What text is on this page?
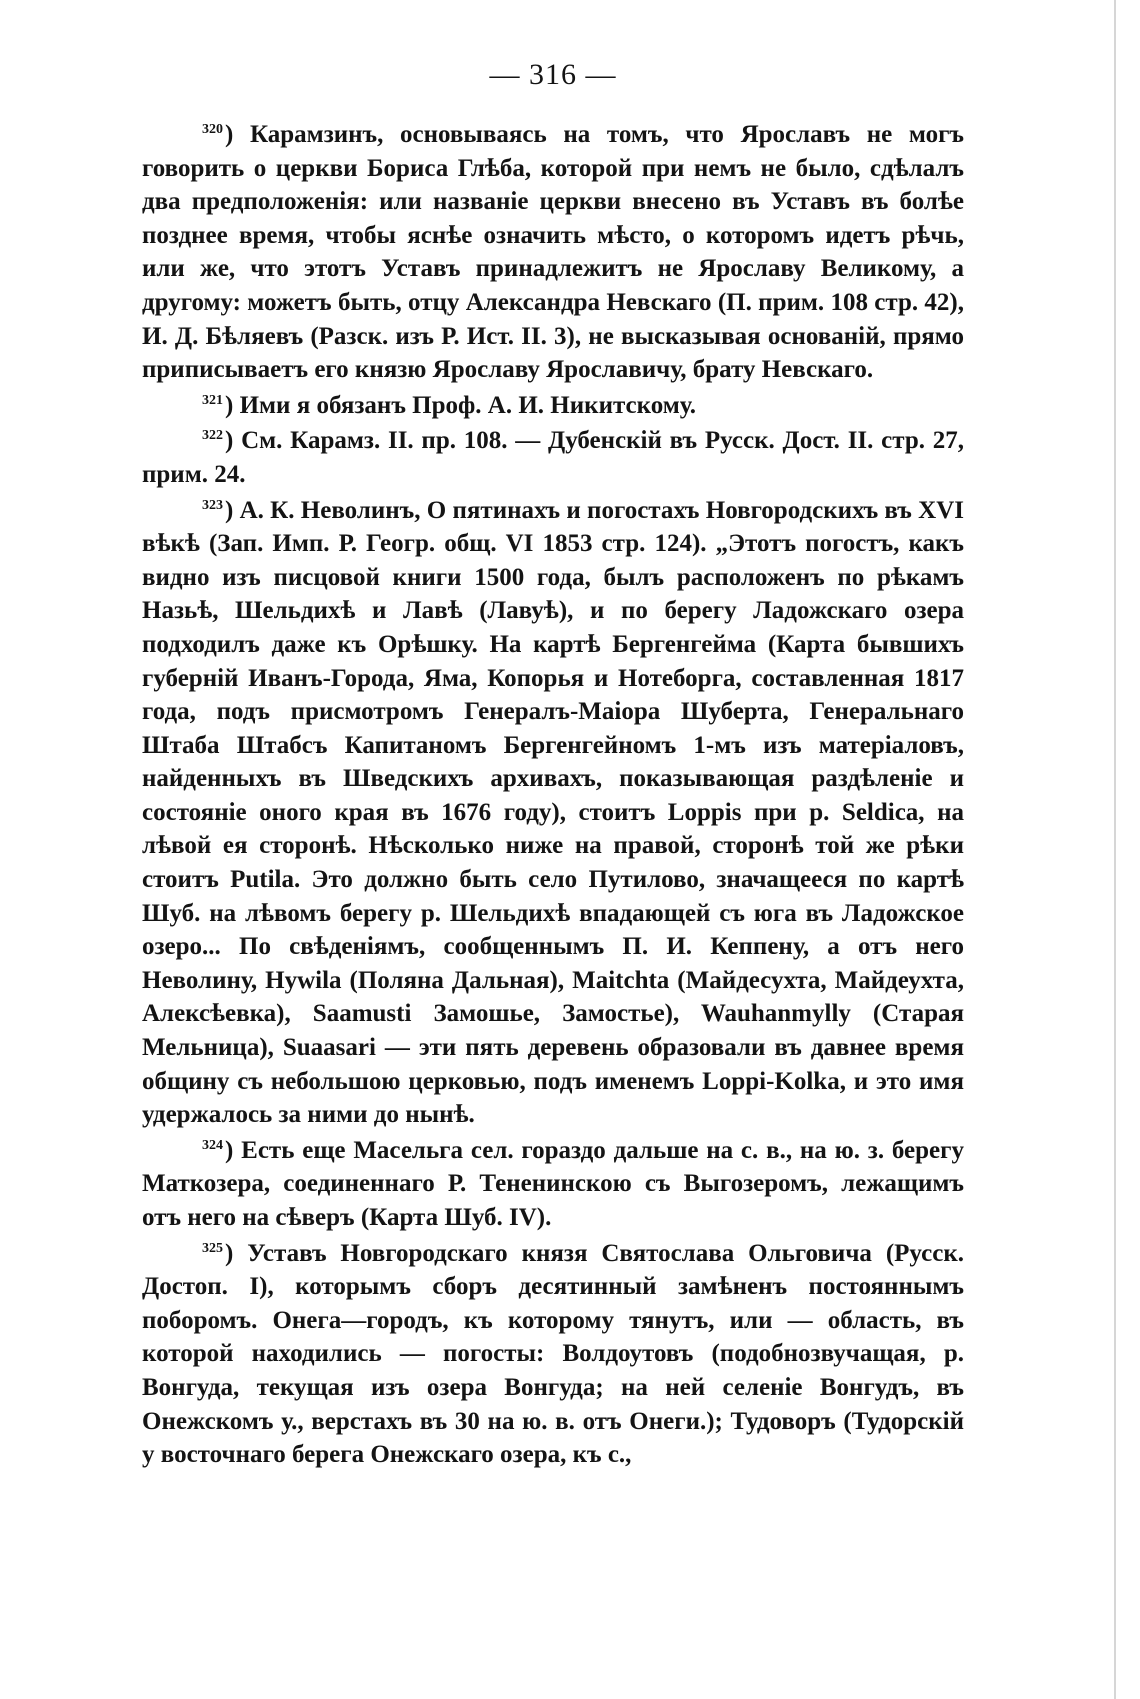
— 316 —

$^{320}$) Карамзинъ, основываясь на томъ, что Ярославъ не могъ говорить о церкви Бориса Глѣба, которой при немъ не было, сдѣлалъ два предположенія: или названіе церкви внесено въ Уставъ въ болѣе позднее время, чтобы яснѣе означить мѣсто, о которомъ идетъ рѣчь, или же, что этотъ Уставъ принадлежитъ не Ярославу Великому, а другому: можетъ быть, отцу Александра Невскаго (П. прим. 108 стр. 42), И. Д. Бѣляевъ (Разск. изъ Р. Ист. II. 3), не высказывая основаній, прямо приписываетъ его князю Ярославу Ярославичу, брату Невскаго.

$^{321}$) Ими я обязанъ Проф. А. И. Никитскому.

$^{322}$) См. Карамз. II. пр. 108. — Дубенскій въ Русск. Дост. II. стр. 27, прим. 24.

$^{323}$) А. К. Неволинъ, О пятинахъ и погостахъ Новгородскихъ въ XVI вѣкѣ (Зап. Имп. Р. Геогр. общ. VI 1853 стр. 124). „Этотъ погостъ, какъ видно изъ писцовой книги 1500 года, былъ расположенъ по рѣкамъ Назьѣ, Шельдихѣ и Лавѣ (Лавуѣ), и по берегу Ладожскаго озера подходилъ даже къ Орѣшку. На картѣ Бергенгейма (Карта бывшихъ губерній Иванъ-Города, Яма, Копорья и Нотеборга, составленная 1817 года, подъ присмотромъ Генералъ-Маіора Шуберта, Генеральнаго Штаба Штабсъ Капитаномъ Бергенгейномъ 1-мъ изъ матеріаловъ, найденныхъ въ Шведскихъ архивахъ, показывающая раздѣленіе и состояніе оного края въ 1676 году), стоитъ Loppis при р. Seldica, на лѣвой ея сторонѣ. Нѣсколько ниже на правой, сторонѣ той же рѣки стоитъ Putila. Это должно быть село Путилово, значащееся по картѣ Шуб. на лѣвомъ берегу р. Шельдихѣ впадающей съ юга въ Ладожское озеро... По свѣденіямъ, сообщеннымъ П. И. Кеппену, а отъ него Неволину, Hywila (Поляна Дальная), Maitchta (Майдесухта, Майдеухта, Алексѣевка), Saamusti Замошье, Замостье), Wauhanmylly (Старая Мельница), Suaasari — эти пять деревень образовали въ давнее время общину съ небольшою церковью, подъ именемъ Loppi-Kolka, и это имя удержалось за ними до нынѣ.

$^{324}$) Есть еще Масельга сел. гораздо дальше на с. в., на ю. з. берегу Маткозера, соединеннаго Р. Тененинскою съ Выгозеромъ, лежащимъ отъ него на сѣверъ (Карта Шуб. IV).

$^{325}$) Уставъ Новгородскаго князя Святослава Ольговича (Русск. Достоп. I), которымъ сборъ десятинный замѣненъ постояннымъ поборомъ. Онега—городъ, къ которому тянутъ, или — область, въ которой находились — погосты: Волдоутовъ (подобнозвучащая, р. Вонгуда, текущая изъ озера Вонгуда; на ней селеніе Вонгудъ, въ Онежскомъ у., верстахъ въ 30 на ю. в. отъ Онеги.); Тудоворъ (Тудорскій у восточнаго берега Онежскаго озера, къ с.,
